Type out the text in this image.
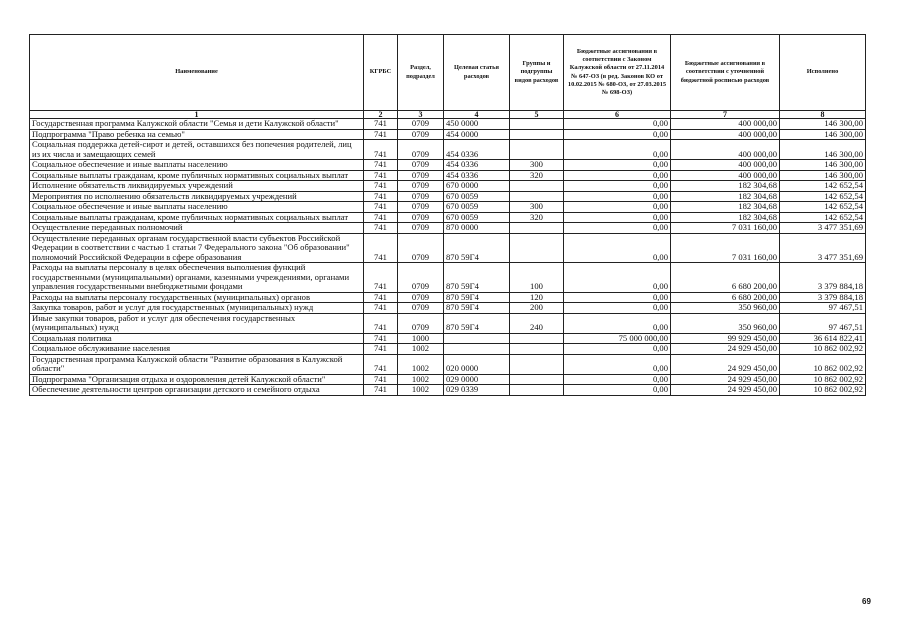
Наименование	КГРБС	Раздел, подраздел	Целевая статья расходов	Группы и подгруппы видов расходов	Бюджетные ассигнования в соответствии с Законом Калужской области от 27.11.2014 № 647-ОЗ (в ред. Законов КО от 10.02.2015 № 680-ОЗ, от 27.03.2015 № 698-ОЗ)	Бюджетные ассигнования в соответствии с уточненной бюджетной росписью расходов	Исполнено
1	2	3	4	5	6	7	8
Государственная программа Калужской области "Семья и дети Калужской области"	741	0709	450 0000		0,00	400 000,00	146 300,00
Подпрограмма "Право ребенка на семью"	741	0709	454 0000		0,00	400 000,00	146 300,00
Социальная поддержка детей-сирот и детей, оставшихся без попечения родителей, лиц из их числа и замещающих семей	741	0709	454 0336		0,00	400 000,00	146 300,00
Социальное обеспечение и иные выплаты населению	741	0709	454 0336	300	0,00	400 000,00	146 300,00
Социальные выплаты гражданам, кроме публичных нормативных социальных выплат	741	0709	454 0336	320	0,00	400 000,00	146 300,00
Исполнение обязательств ликвидируемых учреждений	741	0709	670 0000		0,00	182 304,68	142 652,54
Мероприятия по исполнению обязательств ликвидируемых учреждений	741	0709	670 0059		0,00	182 304,68	142 652,54
Социальное обеспечение и иные выплаты населению	741	0709	670 0059	300	0,00	182 304,68	142 652,54
Социальные выплаты гражданам, кроме публичных нормативных социальных выплат	741	0709	670 0059	320	0,00	182 304,68	142 652,54
Осуществление переданных полномочий	741	0709	870 0000		0,00	7 031 160,00	3 477 351,69
Осуществление переданных органам государственной власти субъектов Российской Федерации в соответствии с частью 1 статьи 7 Федерального закона "Об образовании" полномочий Российской Федерации в сфере образования	741	0709	870 59Г4		0,00	7 031 160,00	3 477 351,69
Расходы на выплаты персоналу в целях обеспечения выполнения функций государственными (муниципальными) органами, казенными учреждениями, органами управления государственными внебюджетными фондами	741	0709	870 59Г4	100	0,00	6 680 200,00	3 379 884,18
Расходы на выплаты персоналу государственных (муниципальных) органов	741	0709	870 59Г4	120	0,00	6 680 200,00	3 379 884,18
Закупка товаров, работ и услуг для государственных (муниципальных) нужд	741	0709	870 59Г4	200	0,00	350 960,00	97 467,51
Иные закупки товаров, работ и услуг для обеспечения государственных (муниципальных) нужд	741	0709	870 59Г4	240	0,00	350 960,00	97 467,51
Социальная политика	741	1000			75 000 000,00	99 929 450,00	36 614 822,41
Социальное обслуживание населения	741	1002			0,00	24 929 450,00	10 862 002,92
Государственная программа Калужской области "Развитие образования в Калужской области"	741	1002	020 0000		0,00	24 929 450,00	10 862 002,92
Подпрограмма "Организация отдыха и оздоровления детей Калужской области"	741	1002	029 0000		0,00	24 929 450,00	10 862 002,92
Обеспечение деятельности центров организации детского и семейного отдыха	741	1002	029 0339		0,00	24 929 450,00	10 862 002,92
69
